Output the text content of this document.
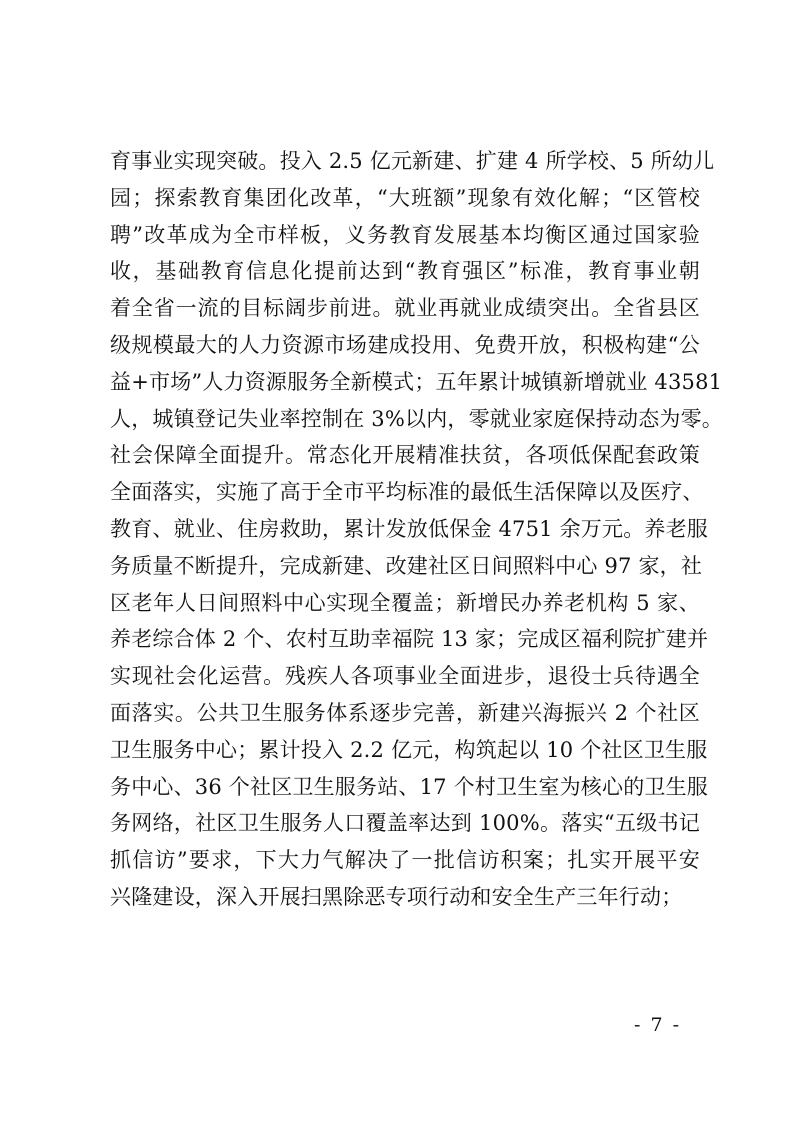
育事业实现突破。投入 2.5 亿元新建、扩建 4 所学校、5 所幼儿
园；探索教育集团化改革，“大班额”现象有效化解；“区管校
聘”改革成为全市样板，义务教育发展基本均衡区通过国家验
收，基础教育信息化提前达到“教育强区”标准，教育事业朝
着全省一流的目标阔步前进。就业再就业成绩突出。全省县区
级规模最大的人力资源市场建成投用、免费开放，积极构建“公
益+市场”人力资源服务全新模式；五年累计城镇新增就业 43581
人，城镇登记失业率控制在 3%以内，零就业家庭保持动态为零。
社会保障全面提升。常态化开展精准扶贫，各项低保配套政策
全面落实，实施了高于全市平均标准的最低生活保障以及医疗、
教育、就业、住房救助，累计发放低保金 4751 余万元。养老服
务质量不断提升，完成新建、改建社区日间照料中心 97 家，社
区老年人日间照料中心实现全覆盖；新增民办养老机构 5 家、
养老综合体 2 个、农村互助幸福院 13 家；完成区福利院扩建并
实现社会化运营。残疾人各项事业全面进步，退役士兵待遇全
面落实。公共卫生服务体系逐步完善，新建兴海振兴 2 个社区
卫生服务中心；累计投入 2.2 亿元，构筑起以 10 个社区卫生服
务中心、36 个社区卫生服务站、17 个村卫生室为核心的卫生服
务网络，社区卫生服务人口覆盖率达到 100%。落实“五级书记
抓信访”要求，下大力气解决了一批信访积案；扎实开展平安
兴隆建设，深入开展扫黑除恶专项行动和安全生产三年行动；
- 7 -
